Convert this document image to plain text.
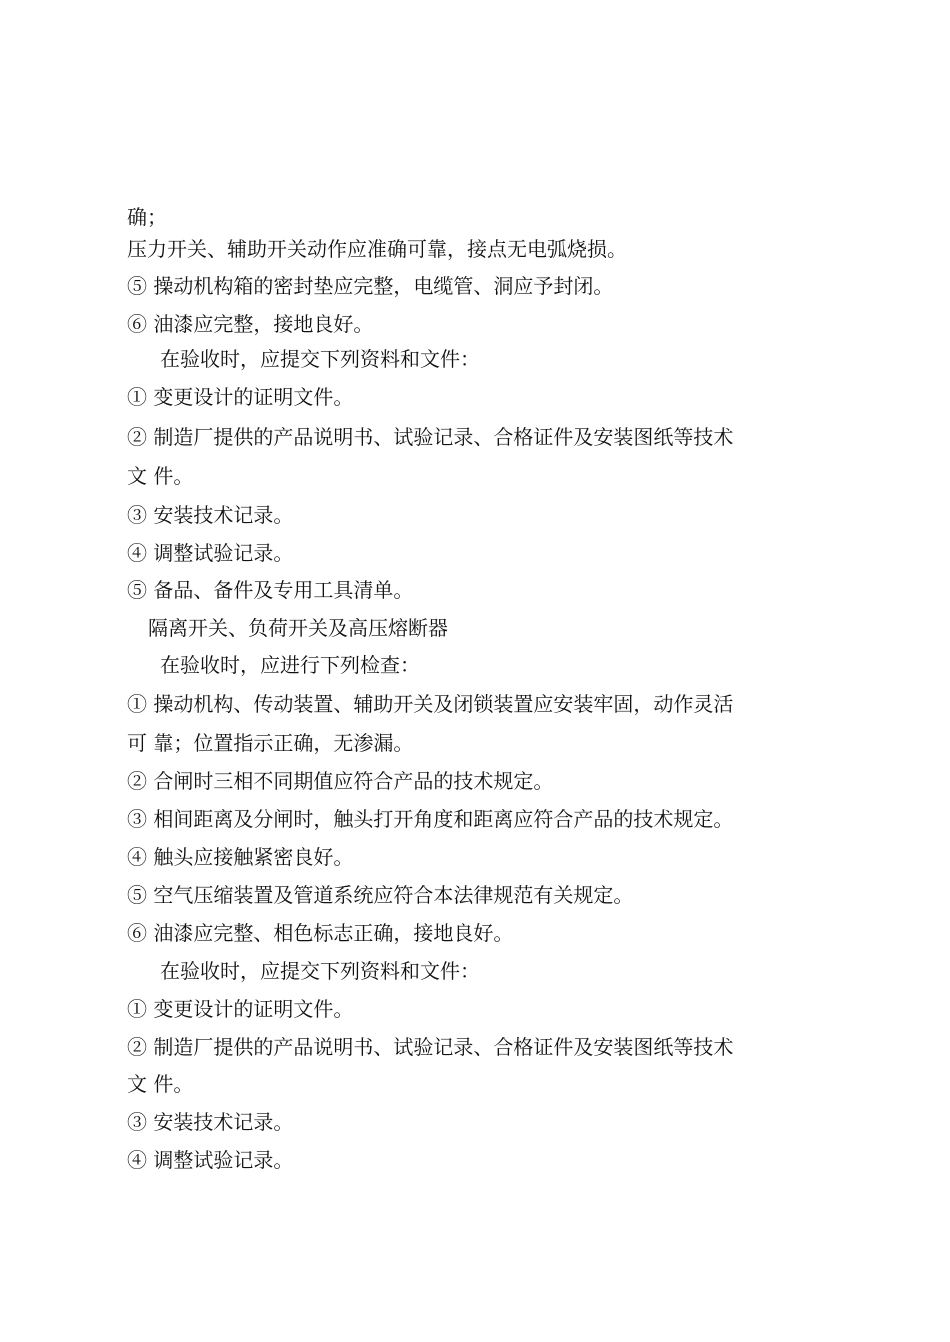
确；
压力开关、辅助开关动作应准确可靠，接点无电弧烧损。
⑤ 操动机构箱的密封垫应完整，电缆管、洞应予封闭。
⑥ 油漆应完整，接地良好。
在验收时，应提交下列资料和文件：
① 变更设计的证明文件。
② 制造厂提供的产品说明书、试验记录、合格证件及安装图纸等技术
文 件。
③ 安装技术记录。
④ 调整试验记录。
⑤ 备品、备件及专用工具清单。
隔离开关、负荷开关及高压熔断器
在验收时，应进行下列检查：
① 操动机构、传动装置、辅助开关及闭锁装置应安装牢固，动作灵活
可 靠；位置指示正确，无渗漏。
② 合闸时三相不同期值应符合产品的技术规定。
③ 相间距离及分闸时，触头打开角度和距离应符合产品的技术规定。
④ 触头应接触紧密良好。
⑤ 空气压缩装置及管道系统应符合本法律规范有关规定。
⑥ 油漆应完整、相色标志正确，接地良好。
在验收时，应提交下列资料和文件：
① 变更设计的证明文件。
② 制造厂提供的产品说明书、试验记录、合格证件及安装图纸等技术
文 件。
③ 安装技术记录。
④ 调整试验记录。
